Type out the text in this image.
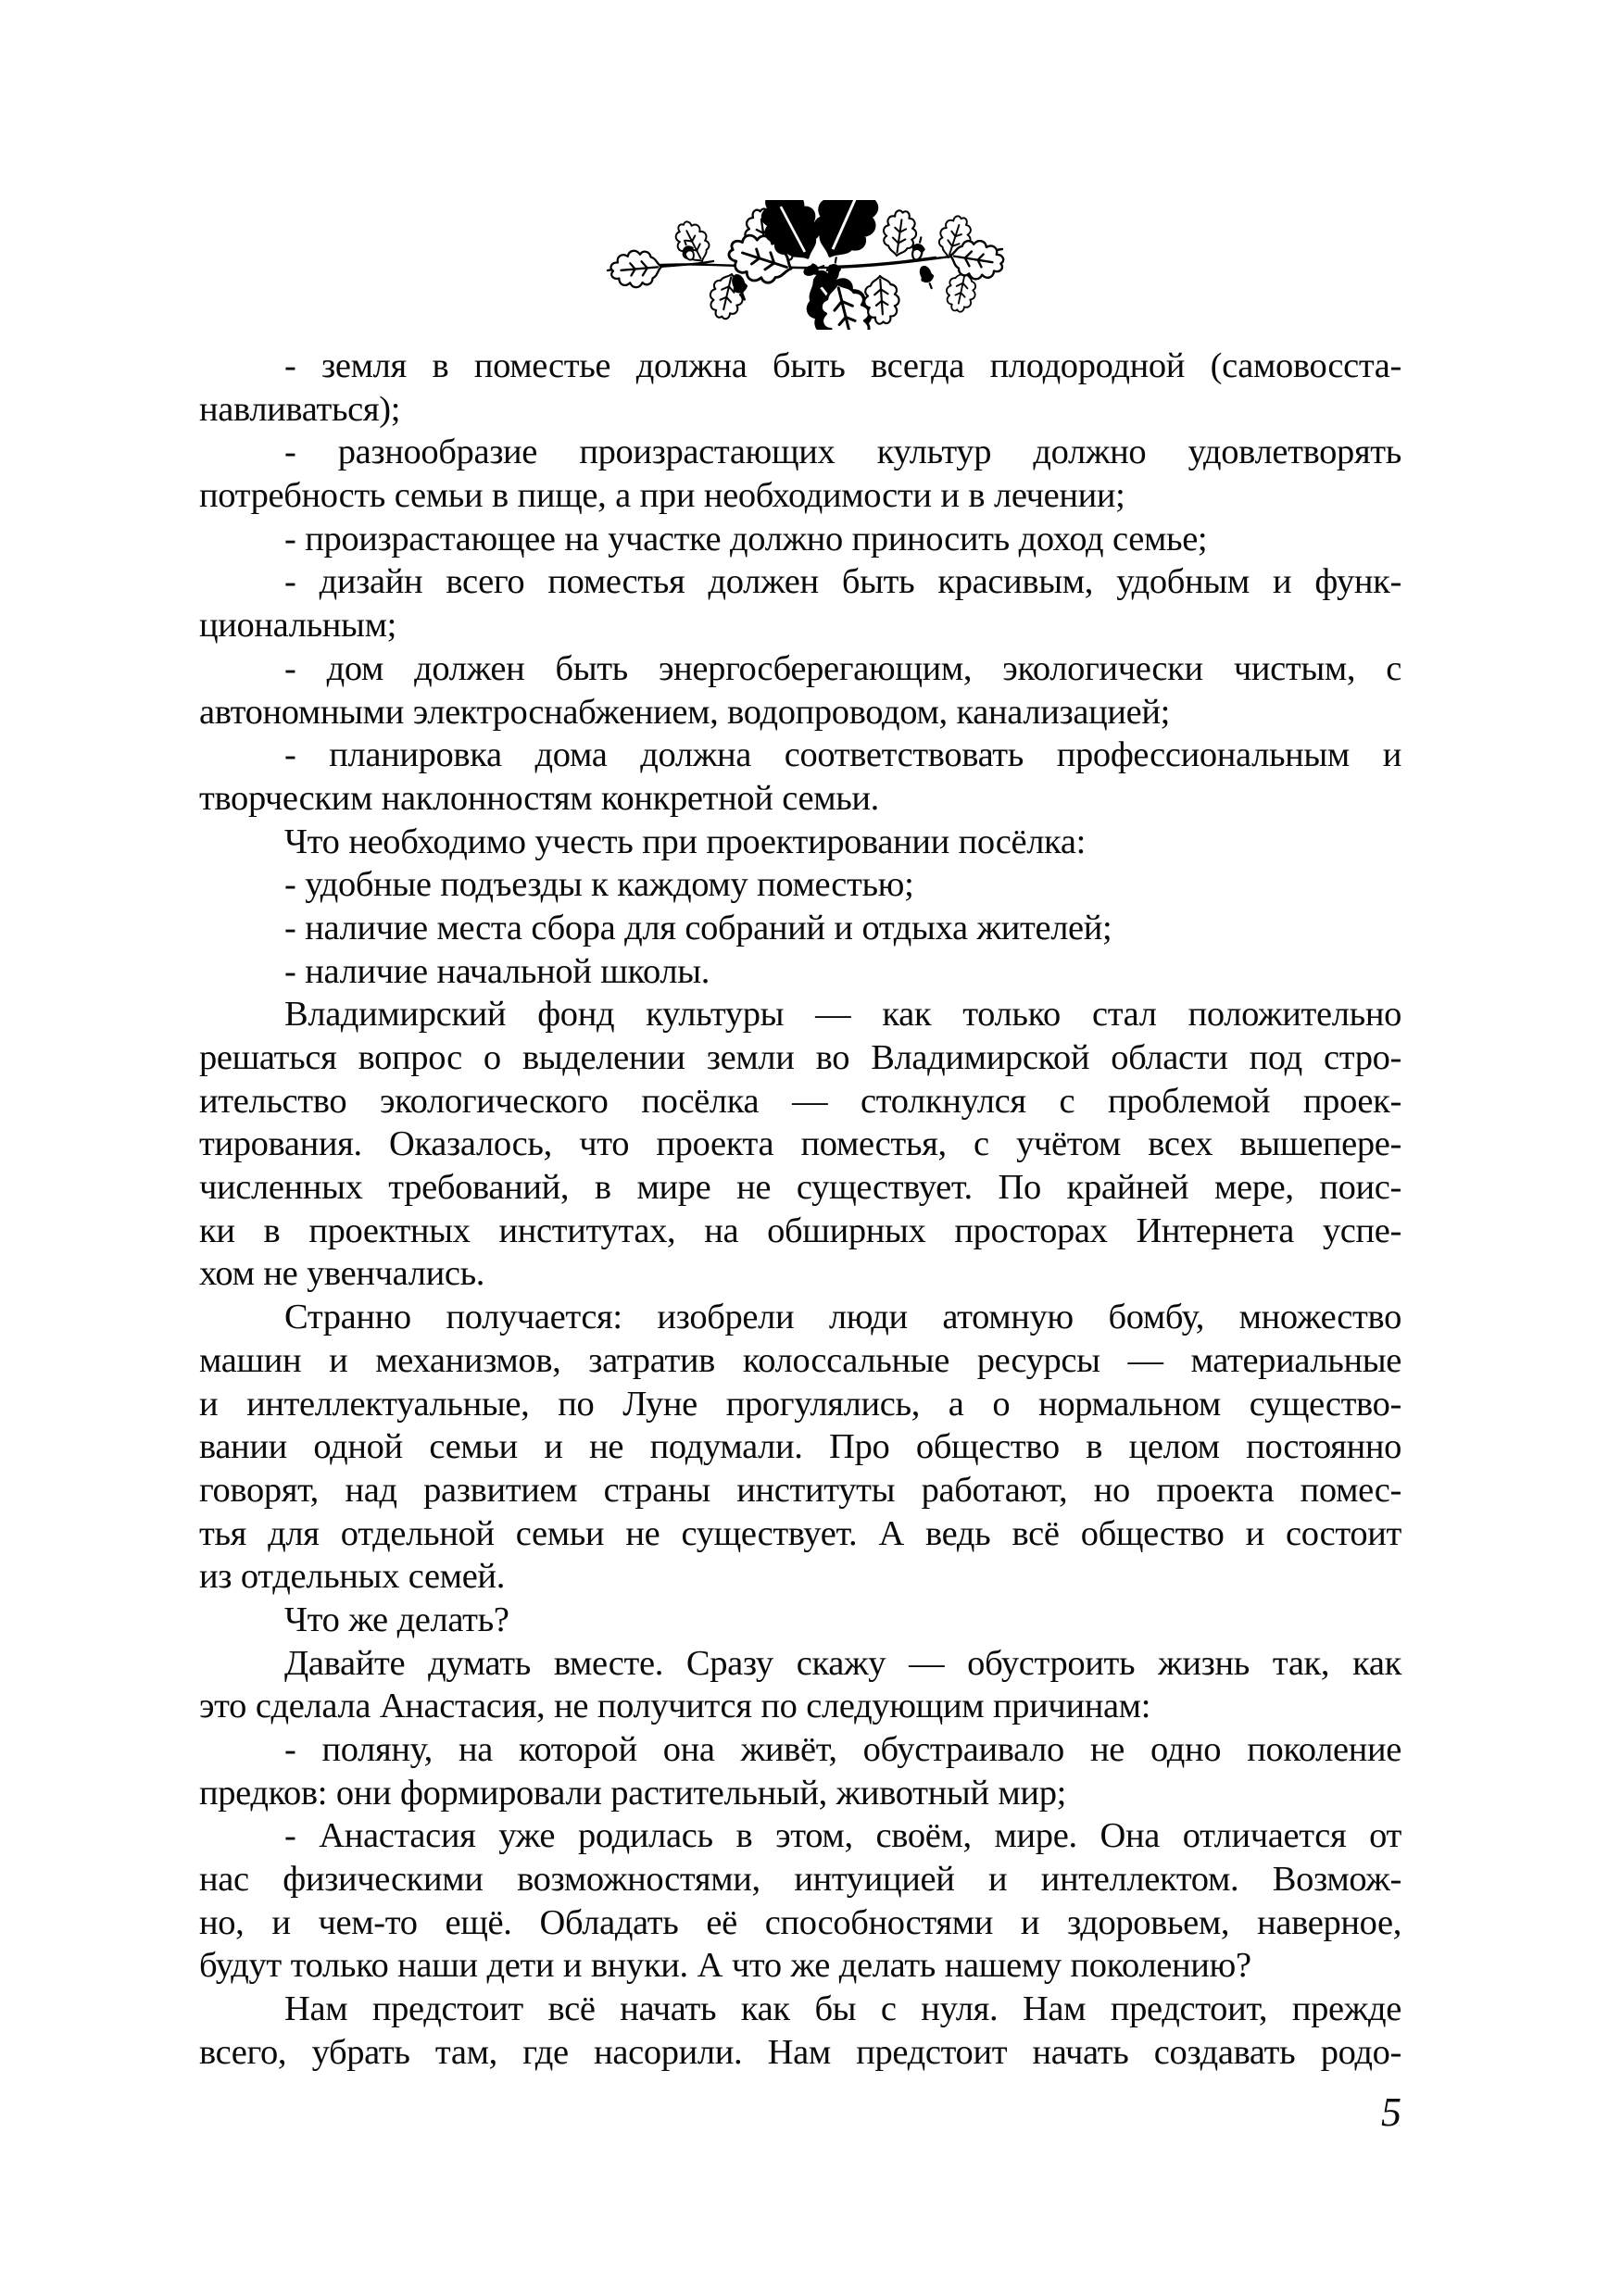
- земля в поместье должна быть всегда плодородной (самовосста-
навливаться);
- разнообразие произрастающих культур должно удовлетворять
потребность семьи в пище, а при необходимости и в лечении;
- произрастающее на участке должно приносить доход семье;
- дизайн всего поместья должен быть красивым, удобным и функ-
циональным;
- дом должен быть энергосберегающим, экологически чистым, с
автономными электроснабжением, водопроводом, канализацией;
- планировка дома должна соответствовать профессиональным и
творческим наклонностям конкретной семьи.
Что необходимо учесть при проектировании посёлка:
- удобные подъезды к каждому поместью;
- наличие места сбора для собраний и отдыха жителей;
- наличие начальной школы.
Владимирский фонд культуры — как только стал положительно
решаться вопрос о выделении земли во Владимирской области под стро-
ительство экологического посёлка — столкнулся с проблемой проек-
тирования. Оказалось, что проекта поместья, с учётом всех вышепере-
численных требований, в мире не существует. По крайней мере, поис-
ки в проектных институтах, на обширных просторах Интернета успе-
хом не увенчались.
Странно получается: изобрели люди атомную бомбу, множество
машин и механизмов, затратив колоссальные ресурсы — материальные
и интеллектуальные, по Луне прогулялись, а о нормальном существо-
вании одной семьи и не подумали. Про общество в целом постоянно
говорят, над развитием страны институты работают, но проекта помес-
тья для отдельной семьи не существует. А ведь всё общество и состоит
из отдельных семей.
Что же делать?
Давайте думать вместе. Сразу скажу — обустроить жизнь так, как
это сделала Анастасия, не получится по следующим причинам:
- поляну, на которой она живёт, обустраивало не одно поколение
предков: они формировали растительный, животный мир;
- Анастасия уже родилась в этом, своём, мире. Она отличается от
нас физическими возможностями, интуицией и интеллектом. Возмож-
но, и чем-то ещё. Обладать её способностями и здоровьем, наверное,
будут только наши дети и внуки. А что же делать нашему поколению?
Нам предстоит всё начать как бы с нуля. Нам предстоит, прежде
всего, убрать там, где насорили. Нам предстоит начать создавать родо-
5
